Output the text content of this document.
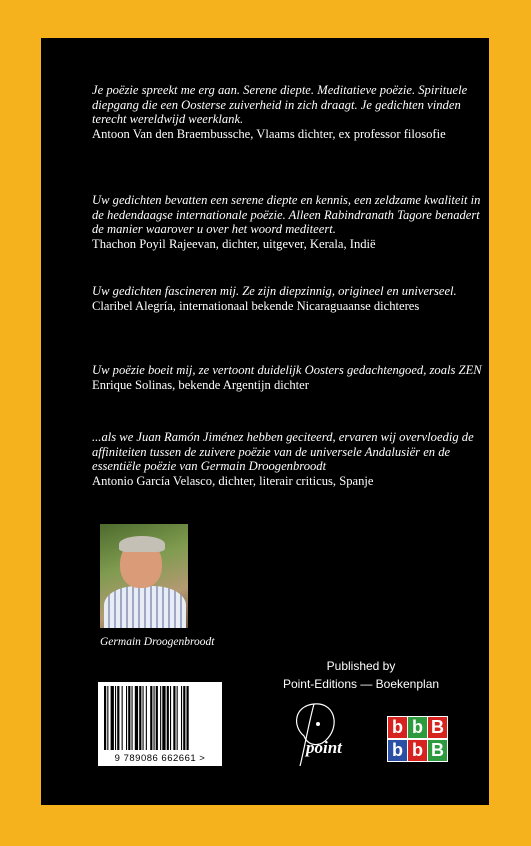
Je poëzie spreekt me erg aan. Serene diepte. Meditatieve poëzie. Spirituele diepgang die een Oosterse zuiverheid in zich draagt. Je gedichten vinden terecht wereldwijd weerklank.
Antoon Van den Braembussche, Vlaams dichter, ex professor filosofie
Uw gedichten bevatten een serene diepte en kennis, een zeldzame kwaliteit in de hedendaagse internationale poëzie. Alleen Rabindranath Tagore benadert de manier waarover u over het woord mediteert.
Thachon Poyil Rajeevan, dichter, uitgever, Kerala, Indië
Uw gedichten fascineren mij. Ze zijn diepzinnig, origineel en universeel.
Claribel Alegría, internationaal bekende Nicaraguaanse dichteres
Uw poëzie boeit mij, ze vertoont duidelijk Oosters gedachtengoed, zoals ZEN
Enrique Solinas, bekende Argentijn dichter
...als we Juan Ramón Jiménez hebben geciteerd, ervaren wij overvloedig de affiniteiten tussen de zuivere poëzie van de universele Andalusiër en de essentiële poëzie van Germain Droogenbroodt
Antonio García Velasco, dichter, literair criticus, Spanje
Germain Droogenbroodt
Published by
Point-Editions — Boekenplan
9 789086 662661 >
point
b b B
b b B
